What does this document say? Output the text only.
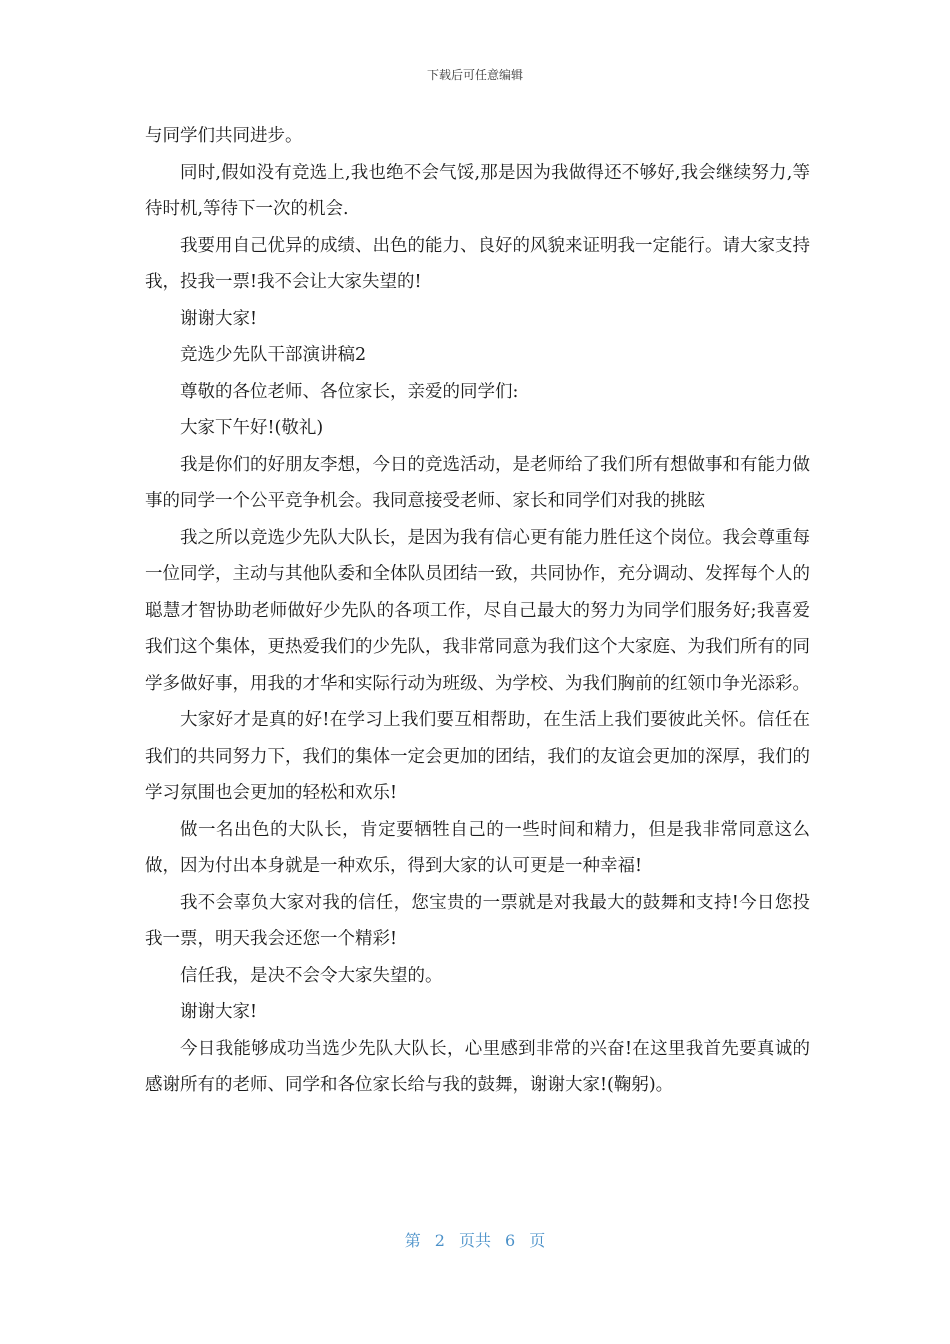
下载后可任意编辑

与同学们共同进步。

同时,假如没有竞选上,我也绝不会气馁,那是因为我做得还不够好,我会继续努力,等待时机,等待下一次的机会.

我要用自己优异的成绩、出色的能力、良好的风貌来证明我一定能行。请大家支持我，投我一票!我不会让大家失望的!

谢谢大家!

竞选少先队干部演讲稿2

尊敬的各位老师、各位家长，亲爱的同学们:

大家下午好!(敬礼)

我是你们的好朋友李想，今日的竞选活动，是老师给了我们所有想做事和有能力做事的同学一个公平竞争机会。我同意接受老师、家长和同学们对我的挑眩

我之所以竞选少先队大队长，是因为我有信心更有能力胜任这个岗位。我会尊重每一位同学，主动与其他队委和全体队员团结一致，共同协作，充分调动、发挥每个人的聪慧才智协助老师做好少先队的各项工作，尽自己最大的努力为同学们服务好;我喜爱我们这个集体，更热爱我们的少先队，我非常同意为我们这个大家庭、为我们所有的同学多做好事，用我的才华和实际行动为班级、为学校、为我们胸前的红领巾争光添彩。

大家好才是真的好!在学习上我们要互相帮助，在生活上我们要彼此关怀。信任在我们的共同努力下，我们的集体一定会更加的团结，我们的友谊会更加的深厚，我们的学习氛围也会更加的轻松和欢乐!

做一名出色的大队长，肯定要牺牲自己的一些时间和精力，但是我非常同意这么做，因为付出本身就是一种欢乐，得到大家的认可更是一种幸福!

我不会辜负大家对我的信任，您宝贵的一票就是对我最大的鼓舞和支持!今日您投我一票，明天我会还您一个精彩!

信任我，是决不会令大家失望的。

谢谢大家!

今日我能够成功当选少先队大队长，心里感到非常的兴奋!在这里我首先要真诚的感谢所有的老师、同学和各位家长给与我的鼓舞，谢谢大家!(鞠躬)。

第 2 页共 6 页
